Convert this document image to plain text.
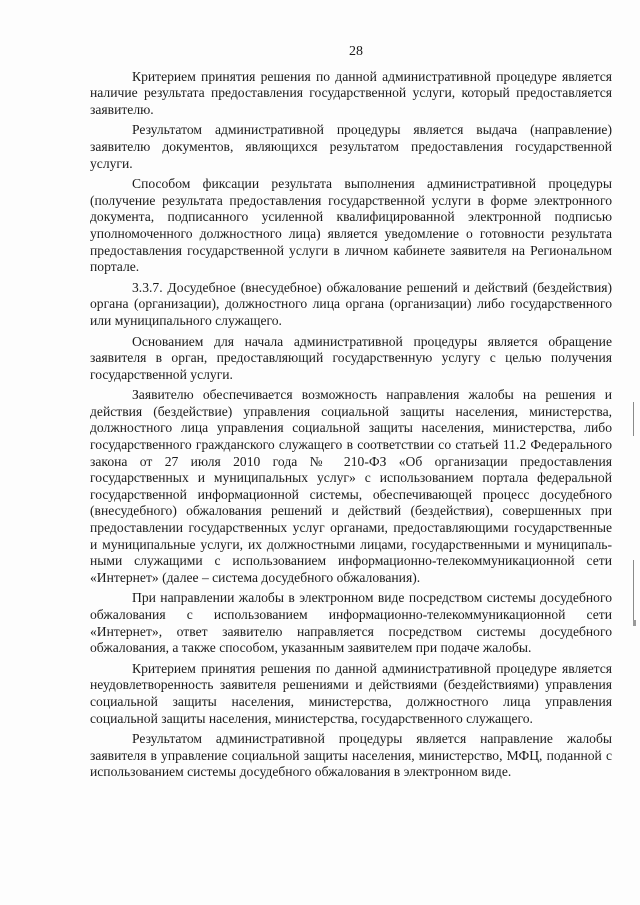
28

Критерием принятия решения по данной административной процедуре является наличие результата предоставления государственной услуги, который предоставляется заявителю.

Результатом административной процедуры является выдача (направление) заявителю документов, являющихся результатом предоставления государственной услуги.

Способом фиксации результата выполнения административной процедуры (получение результата предоставления государственной услуги в форме электронного документа, подписанного усиленной квалифицированной электронной подписью уполномоченного должностного лица) является уведомление о готовности результата предоставления государственной услуги в личном кабинете заявителя на Региональном портале.

3.3.7. Досудебное (внесудебное) обжалование решений и действий (бездействия) органа (организации), должностного лица органа (организации) либо государственного или муниципального служащего.

Основанием для начала административной процедуры является обращение заявителя в орган, предоставляющий государственную услугу с целью получения государственной услуги.

Заявителю обеспечивается возможность направления жалобы на решения и действия (бездействие) управления социальной защиты населения, министерства, должностного лица управления социальной защиты населения, министерства, либо государственного гражданского служащего в соответствии со статьей 11.2 Федерального закона от 27 июля 2010 года № 210-ФЗ «Об организации предоставления государственных и муниципальных услуг» с использованием портала федеральной государственной информационной системы, обеспечивающей процесс досудебного (внесудебного) обжалования решений и действий (бездействия), совершенных при предоставлении государственных услуг органами, предоставляющими государственные и муниципальные услуги, их должностными лицами, государственными и муниципальными служащими с использованием информационно-телекоммуникационной сети «Интернет» (далее – система досудебного обжалования).

При направлении жалобы в электронном виде посредством системы досудебного обжалования с использованием информационно-телекоммуникационной сети «Интернет», ответ заявителю направляется посредством системы досудебного обжалования, а также способом, указанным заявителем при подаче жалобы.

Критерием принятия решения по данной административной процедуре является неудовлетворенность заявителя решениями и действиями (бездействиями) управления социальной защиты населения, министерства, должностного лица управления социальной защиты населения, министерства, государственного служащего.

Результатом административной процедуры является направление жалобы заявителя в управление социальной защиты населения, министерство, МФЦ, поданной с использованием системы досудебного обжалования в электронном виде.
